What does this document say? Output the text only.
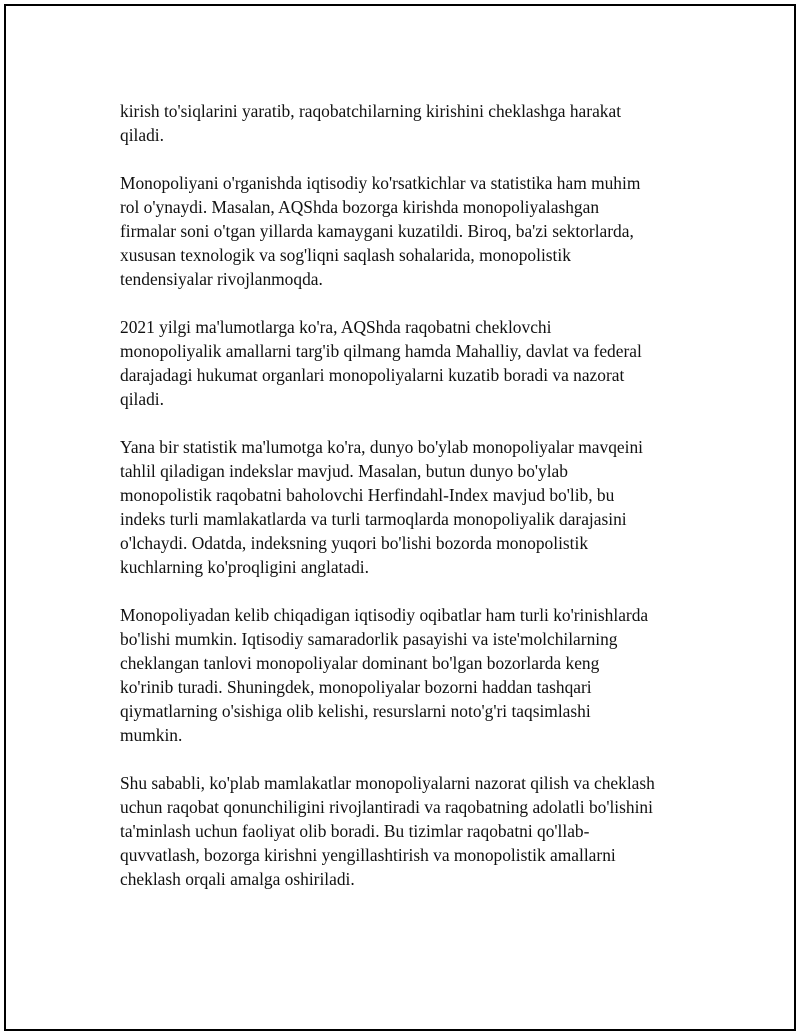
kirish to'siqlarini yaratib, raqobatchilarning kirishini cheklashga harakat
qiladi.

Monopoliyani o'rganishda iqtisodiy ko'rsatkichlar va statistika ham muhim
rol o'ynaydi. Masalan, AQShda bozorga kirishda monopoliyalashgan
firmalar soni o'tgan yillarda kamaygani kuzatildi. Biroq, ba'zi sektorlarda,
xususan texnologik va sog'liqni saqlash sohalarida, monopolistik
tendensiyalar rivojlanmoqda.

2021 yilgi ma'lumotlarga ko'ra, AQShda raqobatni cheklovchi
monopoliyalik amallarni targ'ib qilmang hamda Mahalliy, davlat va federal
darajadagi hukumat organlari monopoliyalarni kuzatib boradi va nazorat
qiladi.

Yana bir statistik ma'lumotga ko'ra, dunyo bo'ylab monopoliyalar mavqeini
tahlil qiladigan indekslar mavjud. Masalan, butun dunyo bo'ylab
monopolistik raqobatni baholovchi Herfindahl-Index mavjud bo'lib, bu
indeks turli mamlakatlarda va turli tarmoqlarda monopoliyalik darajasini
o'lchaydi. Odatda, indeksning yuqori bo'lishi bozorda monopolistik
kuchlarning ko'proqligini anglatadi.

Monopoliyadan kelib chiqadigan iqtisodiy oqibatlar ham turli ko'rinishlarda
bo'lishi mumkin. Iqtisodiy samaradorlik pasayishi va iste'molchilarning
cheklangan tanlovi monopoliyalar dominant bo'lgan bozorlarda keng
ko'rinib turadi. Shuningdek, monopoliyalar bozorni haddan tashqari
qiymatlarning o'sishiga olib kelishi, resurslarni noto'g'ri taqsimlashi
mumkin.

Shu sababli, ko'plab mamlakatlar monopoliyalarni nazorat qilish va cheklash
uchun raqobat qonunchiligini rivojlantiradi va raqobatning adolatli bo'lishini
ta'minlash uchun faoliyat olib boradi. Bu tizimlar raqobatni qo'llab-
quvvatlash, bozorga kirishni yengillashtirish va monopolistik amallarni
cheklash orqali amalga oshiriladi.
